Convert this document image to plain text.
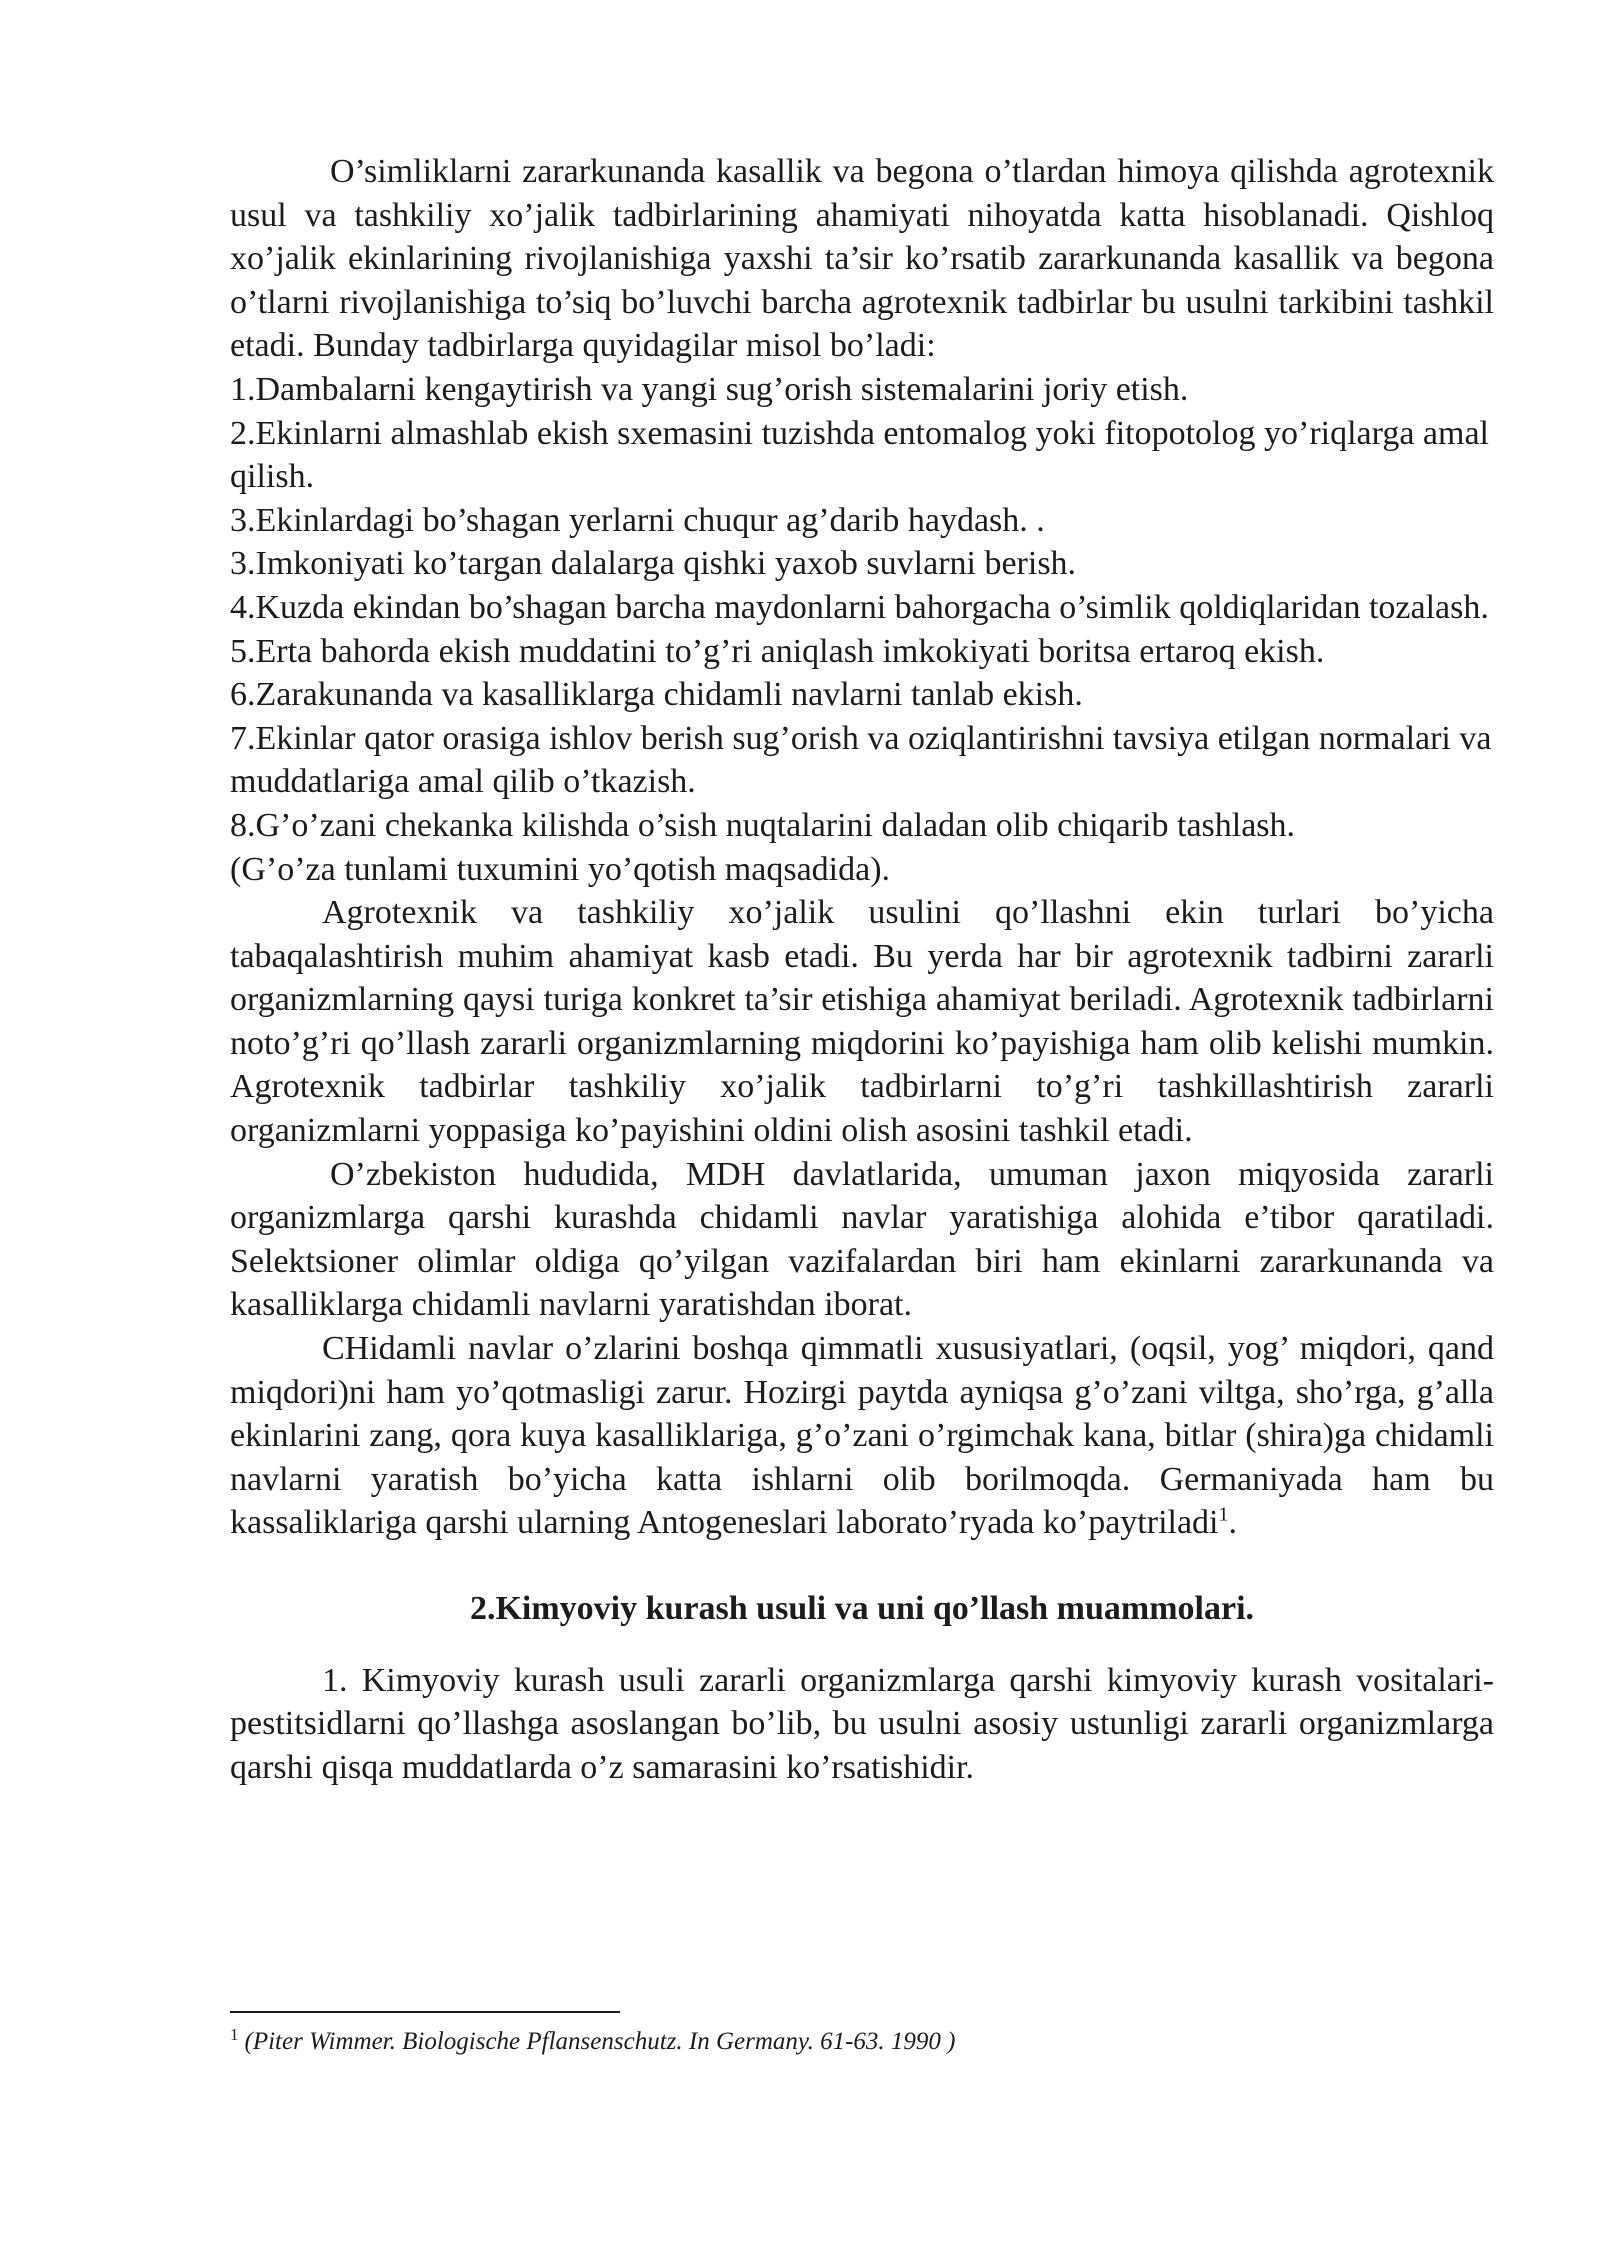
O’simliklarni zararkunanda kasallik va begona o’tlardan himoya qilishda agrotexnik usul va tashkiliy xo’jalik tadbirlarining ahamiyati nihoyatda katta hisoblanadi. Qishloq xo’jalik ekinlarining rivojlanishiga yaxshi ta’sir ko’rsatib zararkunanda kasallik va begona o’tlarni rivojlanishiga to’siq bo’luvchi barcha agrotexnik tadbirlar bu usulni tarkibini tashkil etadi. Bunday tadbirlarga quyidagilar misol bo’ladi:

1.Dambalarni kengaytirish va yangi sug’orish sistemalarini joriy etish.

2.Ekinlarni almashlab ekish sxemasini tuzishda entomalog yoki fitopotolog yo’riqlarga amal qilish.

3.Ekinlardagi bo’shagan yerlarni chuqur ag’darib haydash. .

3.Imkoniyati ko’targan dalalarga qishki yaxob suvlarni berish.

4.Kuzda ekindan bo’shagan barcha maydonlarni bahorgacha o’simlik qoldiqlaridan tozalash.

5.Erta bahorda ekish muddatini to’g’ri aniqlash imkokiyati boritsa ertaroq ekish.

6.Zarakunanda va kasalliklarga chidamli navlarni tanlab ekish.

7.Ekinlar qator orasiga ishlov berish sug’orish va oziqlantirishni tavsiya etilgan normalari va muddatlariga amal qilib o’tkazish.

8.G’o’zani chekanka kilishda o’sish nuqtalarini daladan olib chiqarib tashlash.

(G’o’za tunlami tuxumini yo’qotish maqsadida).

Agrotexnik va tashkiliy xo’jalik usulini qo’llashni ekin turlari bo’yicha tabaqalashtirish muhim ahamiyat kasb etadi. Bu yerda har bir agrotexnik tadbirni zararli organizmlarning qaysi turiga konkret ta’sir etishiga ahamiyat beriladi. Agrotexnik tadbirlarni noto’g’ri qo’llash zararli organizmlarning miqdorini ko’payishiga ham olib kelishi mumkin. Agrotexnik tadbirlar tashkiliy xo’jalik tadbirlarni to’g’ri tashkillashtirish zararli organizmlarni yoppasiga ko’payishini oldini olish asosini tashkil etadi.

O’zbekiston hududida, MDH davlatlarida, umuman jaxon miqyosida zararli organizmlarga qarshi kurashda chidamli navlar yaratishiga alohida e’tibor qaratiladi. Selektsioner olimlar oldiga qo’yilgan vazifalardan biri ham ekinlarni zararkunanda va kasalliklarga chidamli navlarni yaratishdan iborat.

CHidamli navlar o’zlarini boshqa qimmatli xususiyatlari, (oqsil, yog’ miqdori, qand miqdori)ni ham yo’qotmasligi zarur. Hozirgi paytda ayniqsa g’o’zani viltga, sho’rga, g’alla ekinlarini zang, qora kuya kasalliklariga, g’o’zani o’rgimchak kana, bitlar (shira)ga chidamli navlarni yaratish bo’yicha katta ishlarni olib borilmoqda. Germaniyada ham bu kassaliklariga qarshi ularning Antogeneslari laborato’ryada ko’paytriladi$^1$.

2.Kimyoviy kurash usuli va uni qo’llash muammolari.

1. Kimyoviy kurash usuli zararli organizmlarga qarshi kimyoviy kurash vositalari-pestitsidlarni qo’llashga asoslangan bo’lib, bu usulni asosiy ustunligi zararli organizmlarga qarshi qisqa muddatlarda o’z samarasini ko’rsatishidir.

$^1$ (Piter Wimmer. Biologische Pflansenschutz. In Germany. 61-63. 1990 )
